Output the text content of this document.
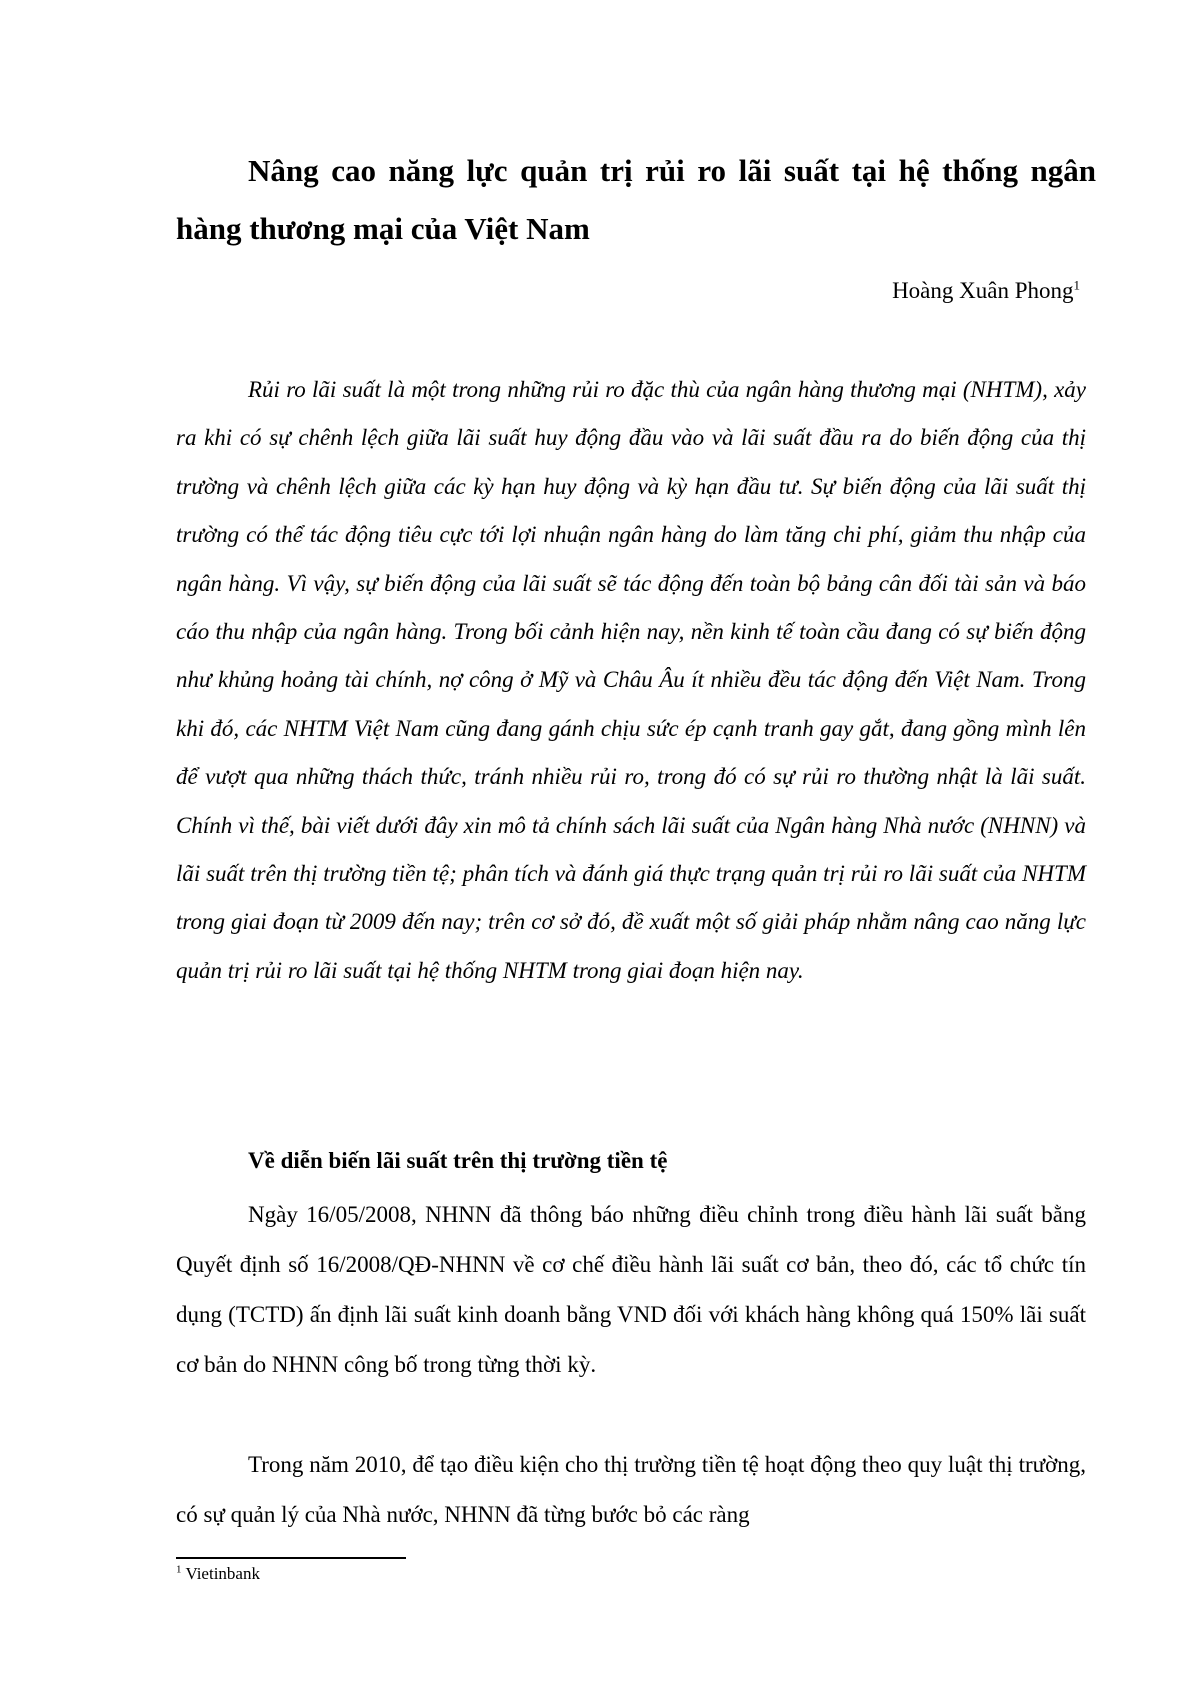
Nâng cao năng lực quản trị rủi ro lãi suất tại hệ thống ngân hàng thương mại của Việt Nam
Hoàng Xuân Phong$^1$

Rủi ro lãi suất là một trong những rủi ro đặc thù của ngân hàng thương mại (NHTM), xảy ra khi có sự chênh lệch giữa lãi suất huy động đầu vào và lãi suất đầu ra do biến động của thị trường và chênh lệch giữa các kỳ hạn huy động và kỳ hạn đầu tư. Sự biến động của lãi suất thị trường có thể tác động tiêu cực tới lợi nhuận ngân hàng do làm tăng chi phí, giảm thu nhập của ngân hàng. Vì vậy, sự biến động của lãi suất sẽ tác động đến toàn bộ bảng cân đối tài sản và báo cáo thu nhập của ngân hàng. Trong bối cảnh hiện nay, nền kinh tế toàn cầu đang có sự biến động như khủng hoảng tài chính, nợ công ở Mỹ và Châu Âu ít nhiều đều tác động đến Việt Nam. Trong khi đó, các NHTM Việt Nam cũng đang gánh chịu sức ép cạnh tranh gay gắt, đang gồng mình lên để vượt qua những thách thức, tránh nhiều rủi ro, trong đó có sự rủi ro thường nhật là lãi suất. Chính vì thế, bài viết dưới đây xin mô tả chính sách lãi suất của Ngân hàng Nhà nước (NHNN) và lãi suất trên thị trường tiền tệ; phân tích và đánh giá thực trạng quản trị rủi ro lãi suất của NHTM trong giai đoạn từ 2009 đến nay; trên cơ sở đó, đề xuất một số giải pháp nhằm nâng cao năng lực quản trị rủi ro lãi suất tại hệ thống NHTM trong giai đoạn hiện nay.

Về diễn biến lãi suất trên thị trường tiền tệ

Ngày 16/05/2008, NHNN đã thông báo những điều chỉnh trong điều hành lãi suất bằng Quyết định số 16/2008/QĐ-NHNN về cơ chế điều hành lãi suất cơ bản, theo đó, các tổ chức tín dụng (TCTD) ấn định lãi suất kinh doanh bằng VND đối với khách hàng không quá 150% lãi suất cơ bản do NHNN công bố trong từng thời kỳ.

Trong năm 2010, để tạo điều kiện cho thị trường tiền tệ hoạt động theo quy luật thị trường, có sự quản lý của Nhà nước, NHNN đã từng bước bỏ các ràng

$^1$ Vietinbank
